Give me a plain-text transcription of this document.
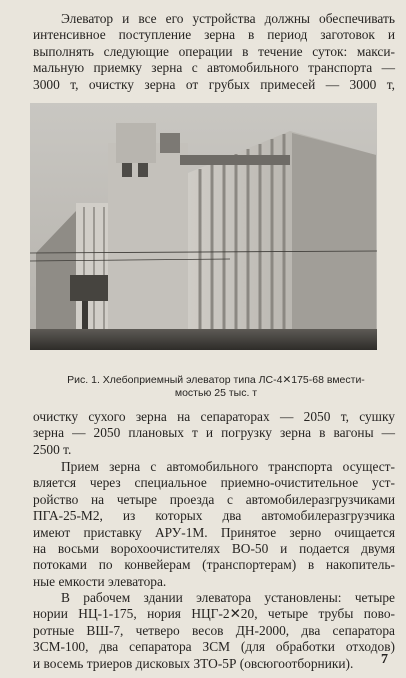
Элеватор и все его устройства должны обеспечивать
интенсивное поступление зерна в период заготовок и
выполнять следующие операции в течение суток: макси-
мальную приемку зерна с автомобильного транспорта —
3000 т, очистку зерна от грубых примесей — 3000 т,
Рис. 1. Хлебоприемный элеватор типа ЛС-4✕175-68 вмести-
мостью 25 тыс. т
очистку сухого зерна на сепараторах — 2050 т, сушку
зерна — 2050 плановых т и погрузку зерна в вагоны —
2500 т.
Прием зерна с автомобильного транспорта осущест-
вляется через специальное приемно-очистительное уст-
ройство на четыре проезда с автомобилеразгрузчиками
ПГА-25-М2, из которых два автомобилеразгрузчика
имеют приставку АРУ-1М. Принятое зерно очищается
на восьми ворохоочистителях ВО-50 и подается двумя
потоками по конвейерам (транспортерам) в накопитель-
ные емкости элеватора.
В рабочем здании элеватора установлены: четыре
нории НЦ-1-175, нория НЦГ-2✕20, четыре трубы пово-
ротные ВШ-7, четверо весов ДН-2000, два сепаратора
ЗСМ-100, два сепаратора ЗСМ (для обработки отходов)
и восемь триеров дисковых ЗТО-5Р (овсюгоотборники).	7
